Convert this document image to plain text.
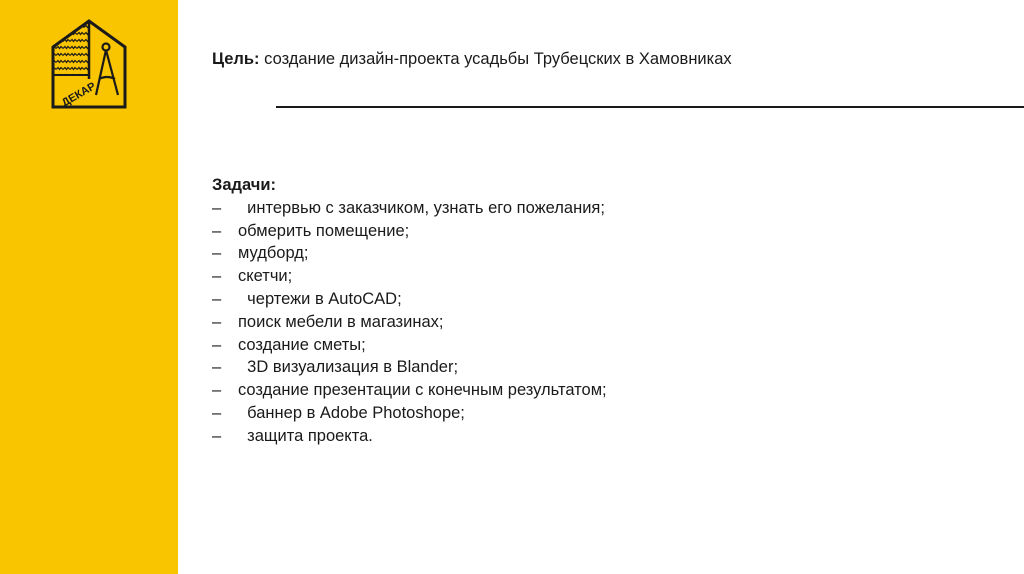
ДЕКАР
Цель: создание дизайн-проекта усадьбы Трубецских в Хамовниках
Задачи:
–  интервью с заказчиком, узнать его пожелания;
– обмерить помещение;
– мудборд;
– скетчи;
–  чертежи в AutoCAD;
– поиск мебели в магазинах;
– создание сметы;
–  3D визуализация в Blander;
– создание презентации с конечным результатом;
–  баннер в Adobe Photoshope;
–  защита проекта.
